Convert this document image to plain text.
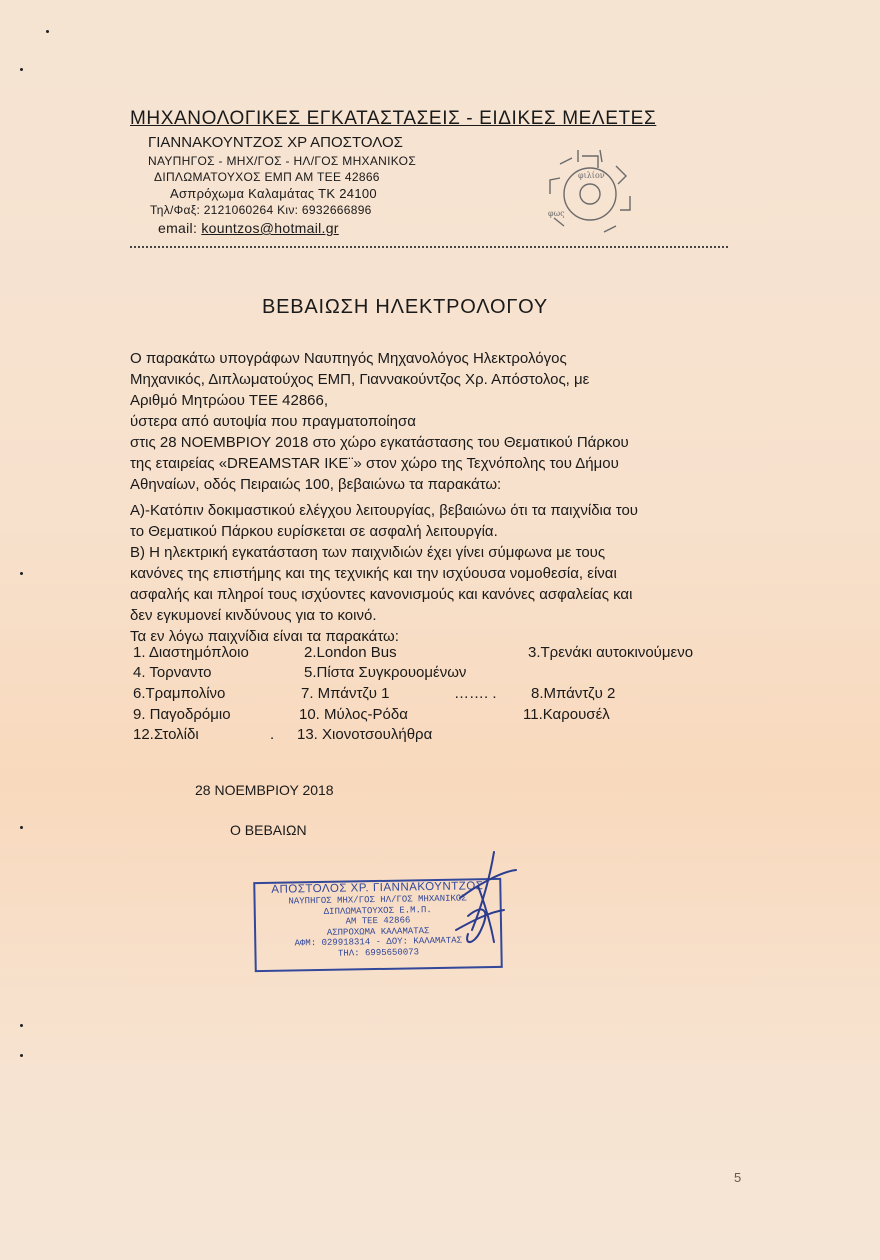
ΜΗΧΑΝΟΛΟΓΙΚΕΣ ΕΓΚΑΤΑΣΤΑΣΕΙΣ - ΕΙΔΙΚΕΣ ΜΕΛΕΤΕΣ
ΓΙΑΝΝΑΚΟΥΝΤΖΟΣ ΧΡ ΑΠΟΣΤΟΛΟΣ
ΝΑΥΠΗΓΟΣ - ΜΗΧ/ΓΟΣ - ΗΛ/ΓΟΣ ΜΗΧΑΝΙΚΟΣ
ΔΙΠΛΩΜΑΤΟΥΧΟΣ ΕΜΠ ΑΜ ΤΕΕ 42866
Ασπρόχωμα Καλαμάτας ΤΚ 24100
Τηλ/Φαξ: 2121060264 Κιν: 6932666896
email: kountzos@hotmail.gr
φιλίον
φως
ΒΕΒΑΙΩΣΗ ΗΛΕΚΤΡΟΛΟΓΟΥ
Ο παρακάτω υπογράφων Ναυπηγός Μηχανολόγος Ηλεκτρολόγος
Μηχανικός, Διπλωματούχος ΕΜΠ, Γιαννακούντζος Χρ. Απόστολος, με
Αριθμό Μητρώου ΤΕΕ 42866,
ύστερα από αυτοψία που πραγματοποίησα
στις 28 ΝΟΕΜΒΡΙΟΥ 2018 στο χώρο εγκατάστασης του Θεματικού Πάρκου
της εταιρείας «DREAMSTAR IKE¨» στον χώρο της Τεχνόπολης του Δήμου
Αθηναίων, οδός Πειραιώς 100, βεβαιώνω τα παρακάτω:
Α)-Κατόπιν δοκιμαστικού ελέγχου λειτουργίας, βεβαιώνω ότι τα παιχνίδια του
το Θεματικού Πάρκου ευρίσκεται σε ασφαλή λειτουργία.
Β) Η ηλεκτρική εγκατάσταση των παιχνιδιών έχει γίνει σύμφωνα με τους
κανόνες της επιστήμης και της τεχνικής και την ισχύουσα νομοθεσία, είναι
ασφαλής και πληροί τους ισχύοντες κανονισμούς και κανόνες ασφαλείας και
δεν εγκυμονεί κινδύνους για το κοινό.
Τα εν λόγω παιχνίδια είναι τα παρακάτω:
1. Διαστημόπλοιο	2.London Bus	3.Τρενάκι αυτοκινούμενο
4. Τορναντο	5.Πίστα Συγκρουομένων
6.Τραμπολίνο	7. Μπάντζυ 1	……. . 8.Μπάντζυ 2
9. Παγοδρόμιο	10. Μύλος-Ρόδα	11.Καρουσέλ
12.Στολίδι	. 13. Χιονοτσουλήθρα
28 ΝΟΕΜΒΡΙΟΥ 2018
Ο ΒΕΒΑΙΩΝ
ΑΠΟΣΤΟΛΟΣ ΧΡ. ΓΙΑΝΝΑΚΟΥΝΤΖΟΣ
ΝΑΥΠΗΓΟΣ ΜΗΧ/ΓΟΣ ΗΛ/ΓΟΣ ΜΗΧΑΝΙΚΟΣ
ΔΙΠΛΩΜΑΤΟΥΧΟΣ Ε.Μ.Π.
ΑΜ ΤΕΕ 42866
ΑΣΠΡΟΧΩΜΑ ΚΑΛΑΜΑΤΑΣ
ΑΦΜ: 029918314 - ΔΟΥ: ΚΑΛΑΜΑΤΑΣ
ΤΗΛ: 6995650073
5
